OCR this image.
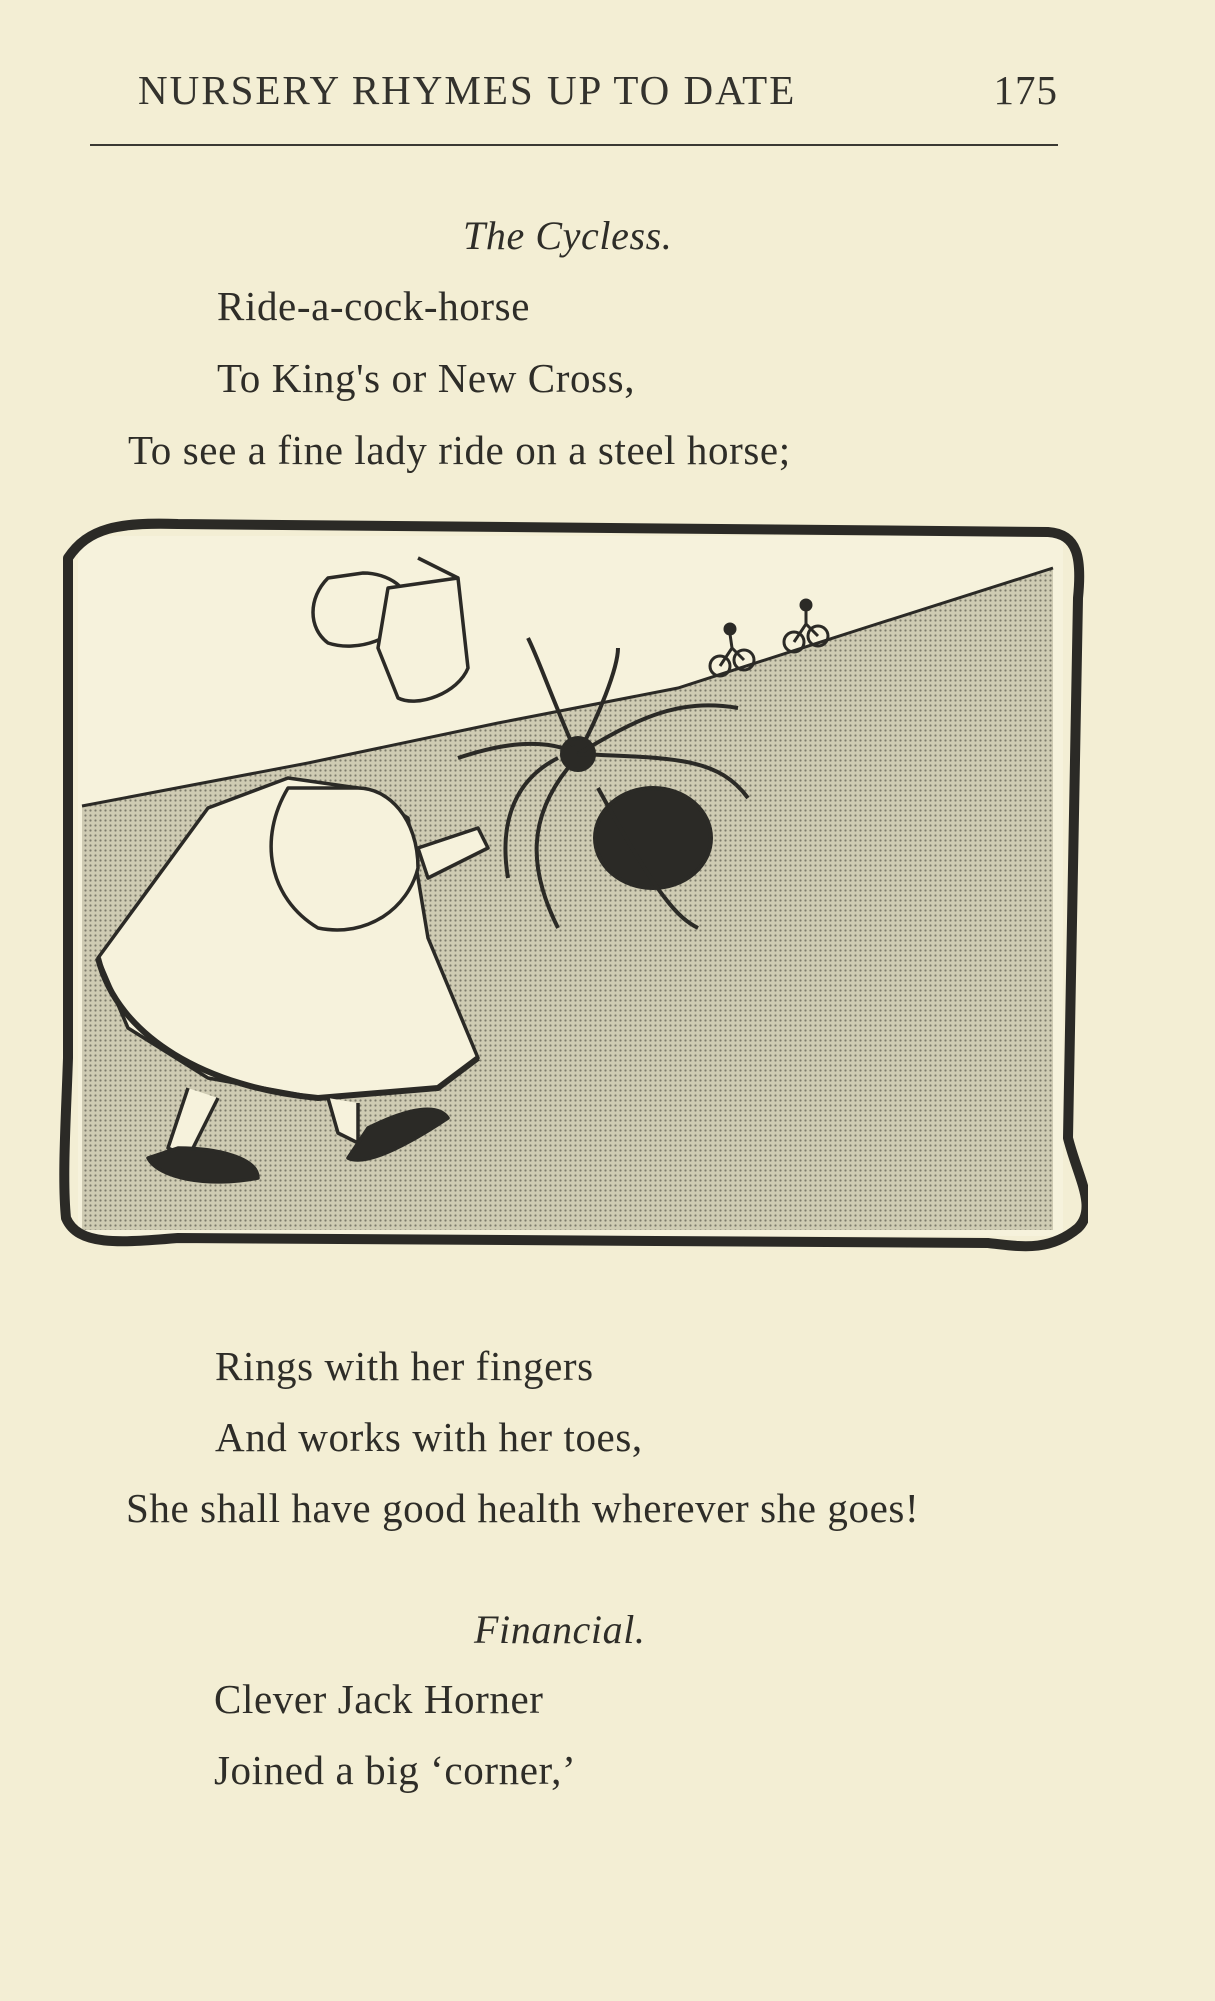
NURSERY RHYMES UP TO DATE	175
The Cycless.
Ride-a-cock-horse
To King's or New Cross,
To see a fine lady ride on a steel horse;
Rings with her fingers
And works with her toes,
She shall have good health wherever she goes!
Financial.
Clever Jack Horner
Joined a big ‘corner,’
